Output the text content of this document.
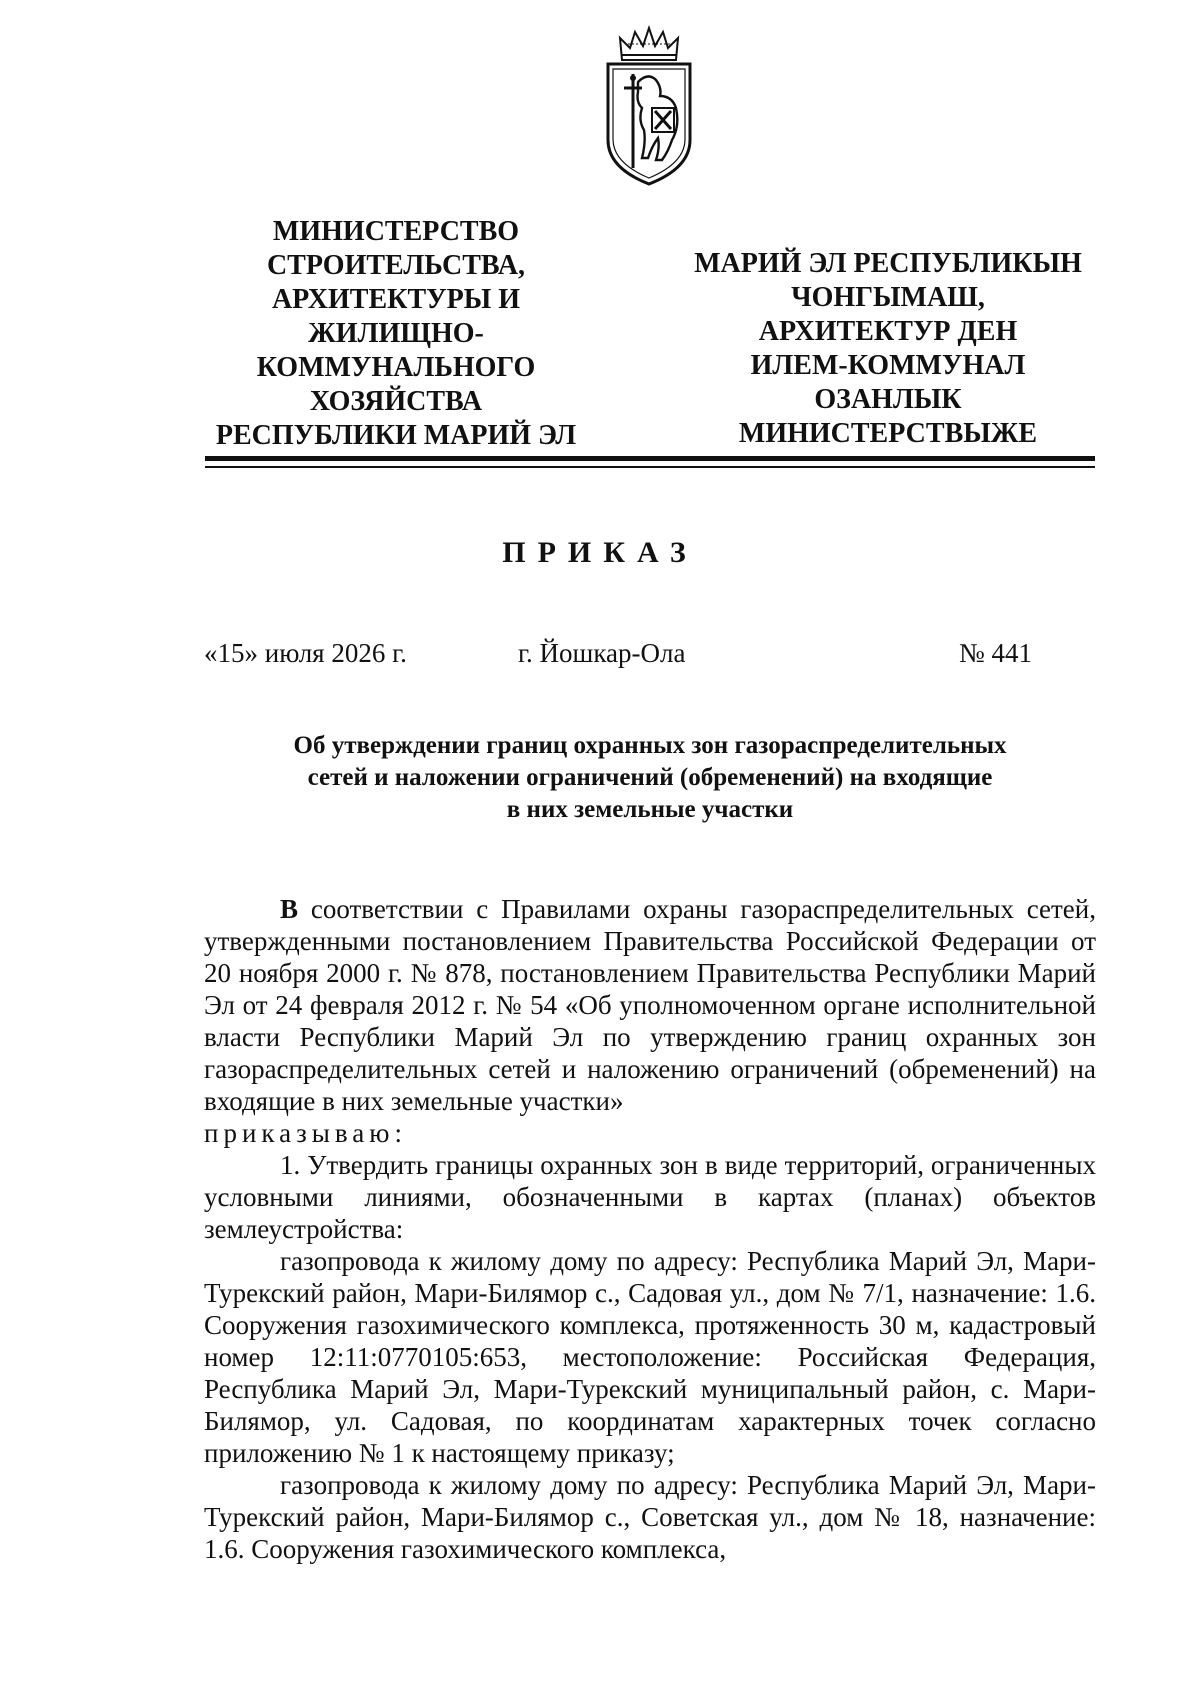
МИНИСТЕРСТВО
СТРОИТЕЛЬСТВА,
АРХИТЕКТУРЫ И
ЖИЛИЩНО-
КОММУНАЛЬНОГО
ХОЗЯЙСТВА
РЕСПУБЛИКИ МАРИЙ ЭЛ
МАРИЙ ЭЛ РЕСПУБЛИКЫН
ЧОНГЫМАШ,
АРХИТЕКТУР ДЕН
ИЛЕМ-КОММУНАЛ
ОЗАНЛЫК
МИНИСТЕРСТВЫЖЕ
ПРИКАЗ
«15» июля 2026 г.	г. Йошкар-Ола	№ 441
Об утверждении границ охранных зон газораспределительных
сетей и наложении ограничений (обременений) на входящие
в них земельные участки

В соответствии с Правилами охраны газораспределительных сетей, утвержденными постановлением Правительства Российской Федерации от 20 ноября 2000 г. № 878, постановлением Правительства Республики Марий Эл от 24 февраля 2012 г. № 54 «Об уполномоченном органе исполнительной власти Республики Марий Эл по утверждению границ охранных зон газораспределительных сетей и наложению ограничений (обременений) на входящие в них земельные участки»
приказываю:

1. Утвердить границы охранных зон в виде территорий, ограниченных условными линиями, обозначенными в картах (планах) объектов землеустройства:

газопровода к жилому дому по адресу: Республика Марий Эл, Мари-Турекский район, Мари-Билямор с., Садовая ул., дом № 7/1, назначение: 1.6. Сооружения газохимического комплекса, протяженность 30 м, кадастровый номер 12:11:0770105:653, местоположение: Российская Федерация, Республика Марий Эл, Мари-Турекский муниципальный район, с. Мари-Билямор, ул. Садовая, по координатам характерных точек согласно приложению № 1 к настоящему приказу;

газопровода к жилому дому по адресу: Республика Марий Эл, Мари-Турекский район, Мари-Билямор с., Советская ул., дом № 18, назначение: 1.6. Сооружения газохимического комплекса,
